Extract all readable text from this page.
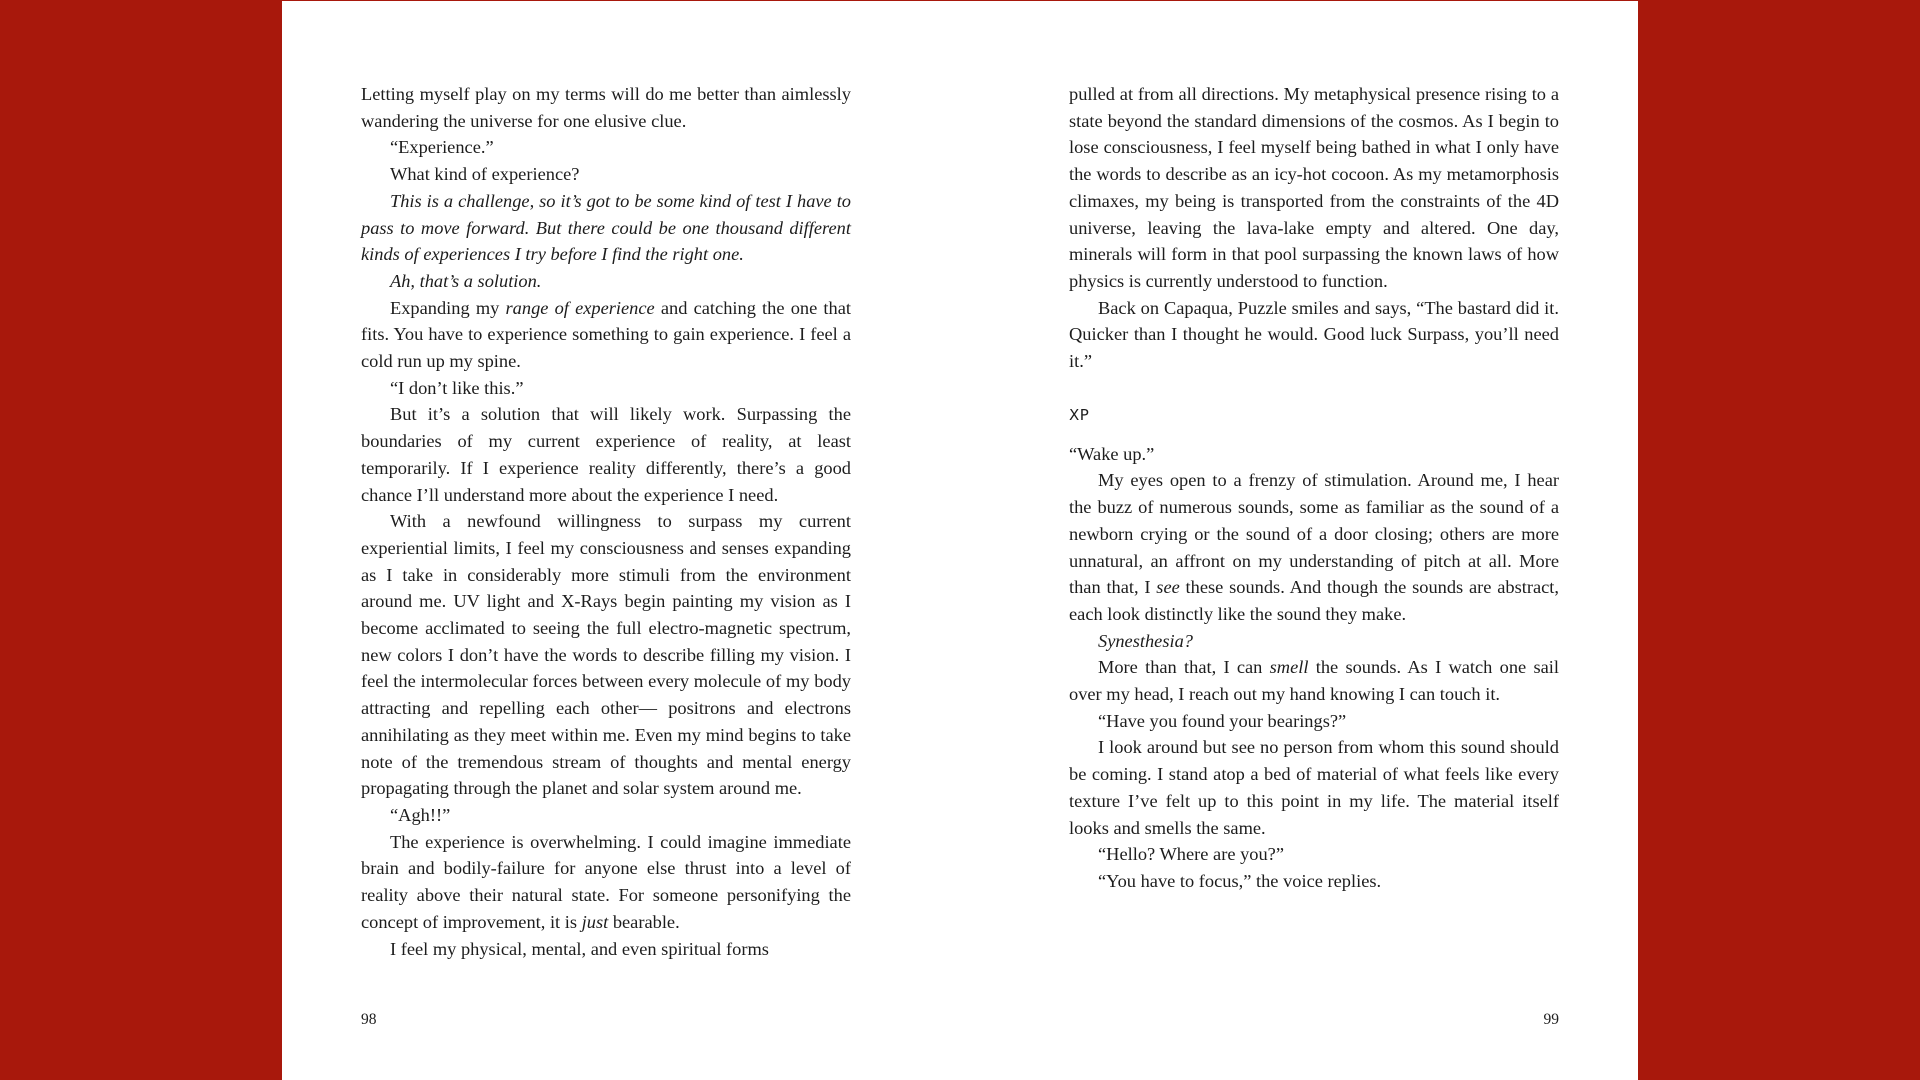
Letting myself play on my terms will do me better than aimlessly wandering the universe for one elusive clue.

“Experience.”

What kind of experience?

This is a challenge, so it’s got to be some kind of test I have to pass to move forward. But there could be one thousand different kinds of experiences I try before I find the right one.

Ah, that’s a solution.

Expanding my range of experience and catching the one that fits. You have to experience something to gain experience. I feel a cold run up my spine.

“I don’t like this.”

But it’s a solution that will likely work. Surpassing the boundaries of my current experience of reality, at least temporarily. If I experience reality differently, there’s a good chance I’ll understand more about the experience I need.

With a newfound willingness to surpass my current experiential limits, I feel my consciousness and senses expanding as I take in considerably more stimuli from the environment around me. UV light and X-Rays begin painting my vision as I become acclimated to seeing the full electro-magnetic spectrum, new colors I don’t have the words to describe filling my vision. I feel the intermolecular forces between every molecule of my body attracting and repelling each other— positrons and electrons annihilating as they meet within me. Even my mind begins to take note of the tremendous stream of thoughts and mental energy propagating through the planet and solar system around me.

“Agh!!”

The experience is overwhelming. I could imagine immediate brain and bodily-failure for anyone else thrust into a level of reality above their natural state. For someone personifying the concept of improvement, it is just bearable.

I feel my physical, mental, and even spiritual forms

pulled at from all directions. My metaphysical presence rising to a state beyond the standard dimensions of the cosmos. As I begin to lose consciousness, I feel myself being bathed in what I only have the words to describe as an icy-hot cocoon. As my metamorphosis climaxes, my being is transported from the constraints of the 4D universe, leaving the lava-lake empty and altered. One day, minerals will form in that pool surpassing the known laws of how physics is currently understood to function.

Back on Capaqua, Puzzle smiles and says, “The bastard did it. Quicker than I thought he would. Good luck Surpass, you’ll need it.”

XP

“Wake up.”

My eyes open to a frenzy of stimulation. Around me, I hear the buzz of numerous sounds, some as familiar as the sound of a newborn crying or the sound of a door closing; others are more unnatural, an affront on my understanding of pitch at all. More than that, I see these sounds. And though the sounds are abstract, each look distinctly like the sound they make.

Synesthesia?

More than that, I can smell the sounds. As I watch one sail over my head, I reach out my hand knowing I can touch it.

“Have you found your bearings?”

I look around but see no person from whom this sound should be coming. I stand atop a bed of material of what feels like every texture I’ve felt up to this point in my life. The material itself looks and smells the same.

“Hello? Where are you?”

“You have to focus,” the voice replies.

98	99
